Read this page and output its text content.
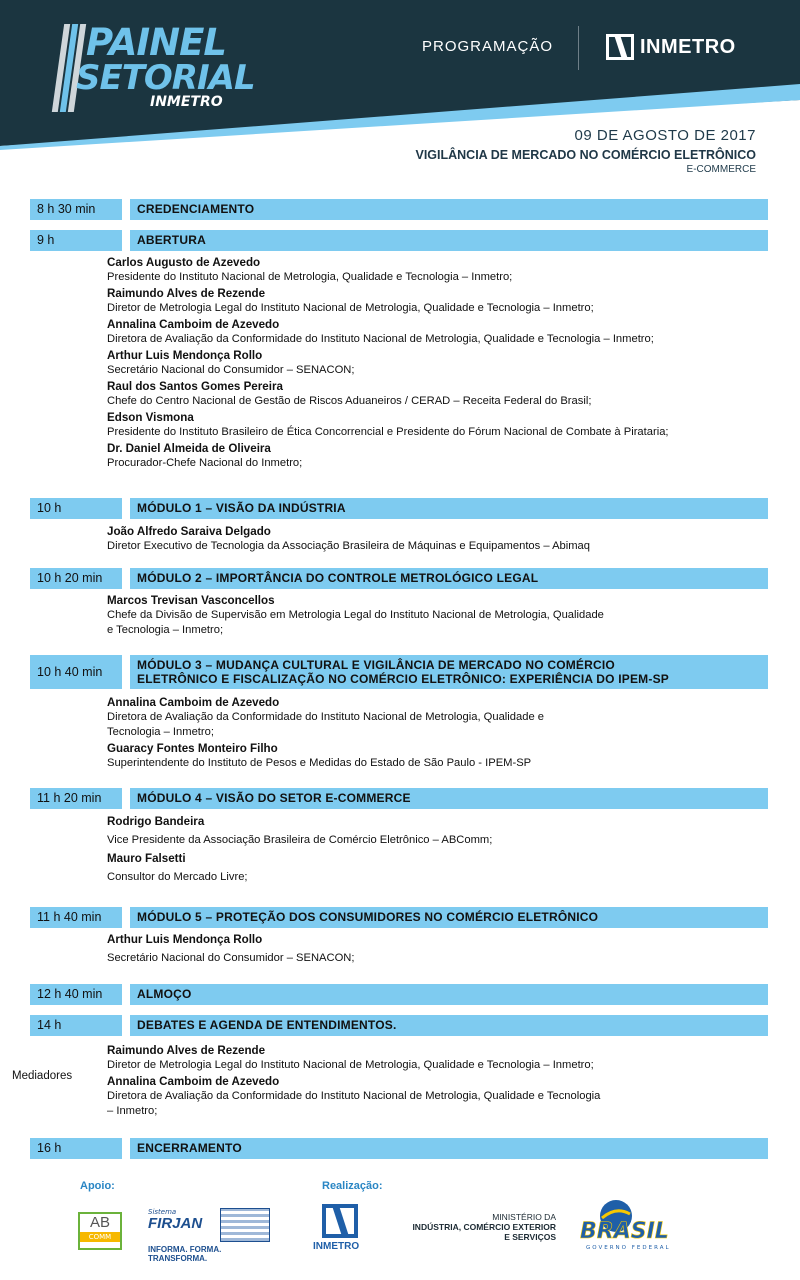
PAINEL
SETORIAL
INMETRO
PROGRAMAÇÃO	INMETRO
09 DE AGOSTO DE 2017
VIGILÂNCIA DE MERCADO NO COMÉRCIO ELETRÔNICO
E-COMMERCE
8 h 30 min	CREDENCIAMENTO
9 h	ABERTURA
Carlos Augusto de Azevedo
Presidente do Instituto Nacional de Metrologia, Qualidade e Tecnologia – Inmetro;
Raimundo Alves de Rezende
Diretor de Metrologia Legal do Instituto Nacional de Metrologia, Qualidade e Tecnologia – Inmetro;
Annalina Camboim de Azevedo
Diretora de Avaliação da Conformidade do Instituto Nacional de Metrologia, Qualidade e Tecnologia – Inmetro;
Arthur Luis Mendonça Rollo
Secretário Nacional do Consumidor – SENACON;
Raul dos Santos Gomes Pereira
Chefe do Centro Nacional de Gestão de Riscos Aduaneiros / CERAD – Receita Federal do Brasil;
Edson Vismona
Presidente do Instituto Brasileiro de Ética Concorrencial e Presidente do Fórum Nacional de Combate à Pirataria;
Dr. Daniel Almeida de Oliveira
Procurador-Chefe Nacional do Inmetro;
10 h	MÓDULO 1 – VISÃO DA INDÚSTRIA
João Alfredo Saraiva Delgado
Diretor Executivo de Tecnologia da Associação Brasileira de Máquinas e Equipamentos – Abimaq
10 h 20 min	MÓDULO 2 – IMPORTÂNCIA DO CONTROLE METROLÓGICO LEGAL
Marcos Trevisan Vasconcellos
Chefe da Divisão de Supervisão em Metrologia Legal do Instituto Nacional de Metrologia, Qualidade
e Tecnologia – Inmetro;
10 h 40 min	MÓDULO 3 – MUDANÇA CULTURAL E VIGILÂNCIA DE MERCADO NO COMÉRCIO
ELETRÔNICO E FISCALIZAÇÃO NO COMÉRCIO ELETRÔNICO: EXPERIÊNCIA DO IPEM-SP
Annalina Camboim de Azevedo
Diretora de Avaliação da Conformidade do Instituto Nacional de Metrologia, Qualidade e
Tecnologia – Inmetro;
Guaracy Fontes Monteiro Filho
Superintendente do Instituto de Pesos e Medidas do Estado de São Paulo - IPEM-SP
11 h 20 min	MÓDULO 4 – VISÃO DO SETOR E-COMMERCE
Rodrigo Bandeira
Vice Presidente da Associação Brasileira de Comércio Eletrônico – ABComm;
Mauro Falsetti
Consultor do Mercado Livre;
11 h 40 min	MÓDULO 5 – PROTEÇÃO DOS CONSUMIDORES NO COMÉRCIO ELETRÔNICO
Arthur Luis Mendonça Rollo
Secretário Nacional do Consumidor – SENACON;
12 h 40 min	ALMOÇO
14 h	DEBATES E AGENDA DE ENTENDIMENTOS.
Mediadores
Raimundo Alves de Rezende
Diretor de Metrologia Legal do Instituto Nacional de Metrologia, Qualidade e Tecnologia – Inmetro;
Annalina Camboim de Azevedo
Diretora de Avaliação da Conformidade do Instituto Nacional de Metrologia, Qualidade e Tecnologia
– Inmetro;
16 h	ENCERRAMENTO
Apoio:	Realização:
AB
COMM
Sistema
FIRJAN
INFORMA. FORMA. TRANSFORMA.
INMETRO
MINISTÉRIO DA
INDÚSTRIA, COMÉRCIO EXTERIOR
E SERVIÇOS BRASIL
GOVERNO FEDERAL
